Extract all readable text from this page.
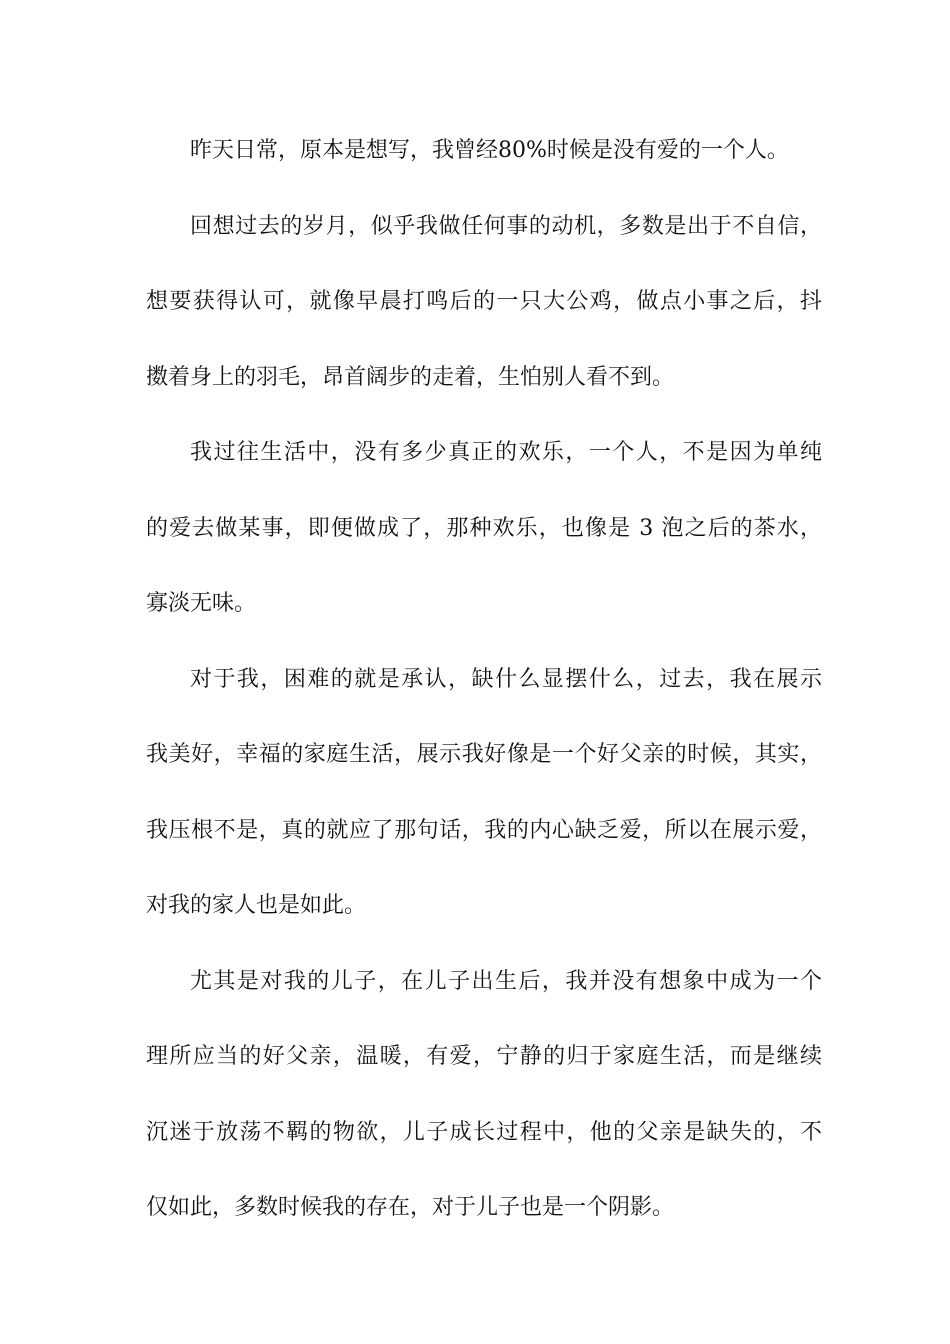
昨天日常，原本是想写，我曾经80%时候是没有爱的一个人。
回想过去的岁月，似乎我做任何事的动机，多数是出于不自信，
想要获得认可，就像早晨打鸣后的一只大公鸡，做点小事之后，抖
擞着身上的羽毛，昂首阔步的走着，生怕别人看不到。
我过往生活中，没有多少真正的欢乐，一个人，不是因为单纯
的爱去做某事，即便做成了，那种欢乐，也像是 3 泡之后的茶水，
寡淡无味。
对于我，困难的就是承认，缺什么显摆什么，过去，我在展示
我美好，幸福的家庭生活，展示我好像是一个好父亲的时候，其实，
我压根不是，真的就应了那句话，我的内心缺乏爱，所以在展示爱，
对我的家人也是如此。
尤其是对我的儿子，在儿子出生后，我并没有想象中成为一个
理所应当的好父亲，温暖，有爱，宁静的归于家庭生活，而是继续
沉迷于放荡不羁的物欲，儿子成长过程中，他的父亲是缺失的，不
仅如此，多数时候我的存在，对于儿子也是一个阴影。
